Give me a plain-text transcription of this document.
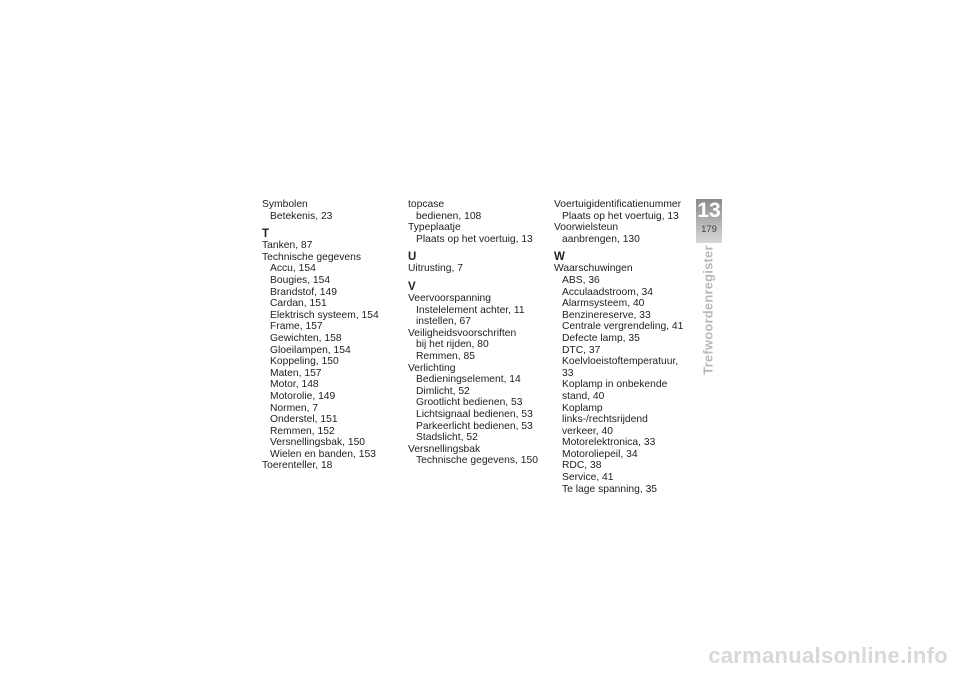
Symbolen
Betekenis, 23
T
Tanken, 87
Technische gegevens
Accu, 154
Bougies, 154
Brandstof, 149
Cardan, 151
Elektrisch systeem, 154
Frame, 157
Gewichten, 158
Gloeilampen, 154
Koppeling, 150
Maten, 157
Motor, 148
Motorolie, 149
Normen, 7
Onderstel, 151
Remmen, 152
Versnellingsbak, 150
Wielen en banden, 153
Toerenteller, 18
topcase
bedienen, 108
Typeplaatje
Plaats op het voertuig, 13
U
Uitrusting, 7
V
Veervoorspanning
Instelelement achter, 11
instellen, 67
Veiligheidsvoorschriften
bij het rijden, 80
Remmen, 85
Verlichting
Bedieningselement, 14
Dimlicht, 52
Grootlicht bedienen, 53
Lichtsignaal bedienen, 53
Parkeerlicht bedienen, 53
Stadslicht, 52
Versnellingsbak
Technische gegevens, 150
Voertuigidentificatienummer
Plaats op het voertuig, 13
Voorwielsteun
aanbrengen, 130
W
Waarschuwingen
ABS, 36
Acculaadstroom, 34
Alarmsysteem, 40
Benzinereserve, 33
Centrale vergrendeling, 41
Defecte lamp, 35
DTC, 37
Koelvloeistoftemperatuur, 33
Koplamp in onbekende stand, 40
Koplamp links-/rechtsrijdend verkeer, 40
Motorelektronica, 33
Motoroliepeil, 34
RDC, 38
Service, 41
Te lage spanning, 35
13
179
Trefwoordenregister
carmanualsonline.info
